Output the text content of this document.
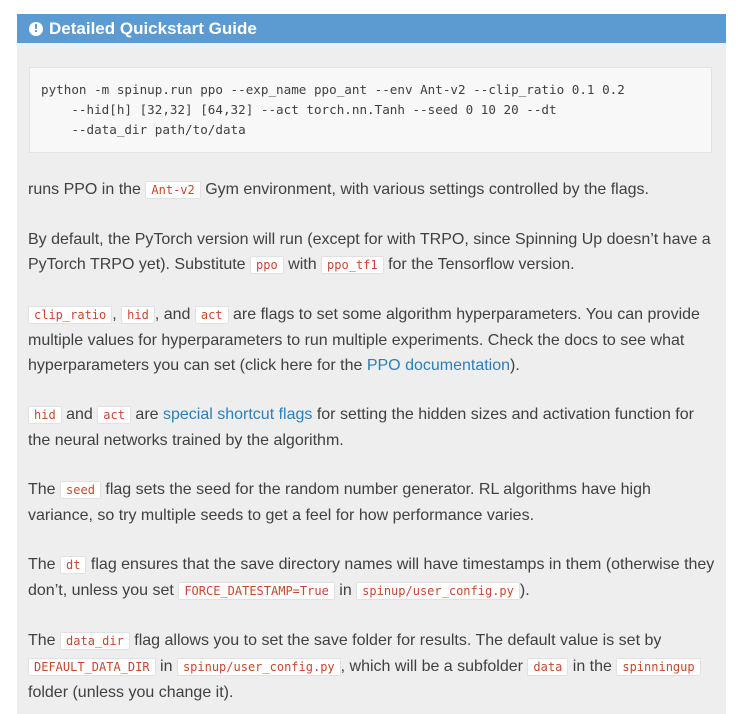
! Detailed Quickstart Guide
python -m spinup.run ppo --exp_name ppo_ant --env Ant-v2 --clip_ratio 0.1 0.2
--hid[h] [32,32] [64,32] --act torch.nn.Tanh --seed 0 10 20 --dt
--data_dir path/to/data

runs PPO in the Ant-v2 Gym environment, with various settings controlled by the flags.

By default, the PyTorch version will run (except for with TRPO, since Spinning Up doesn’t have a PyTorch TRPO yet). Substitute ppo with ppo_tf1 for the Tensorflow version.

clip_ratio , hid , and act are flags to set some algorithm hyperparameters. You can provide multiple values for hyperparameters to run multiple experiments. Check the docs to see what hyperparameters you can set (click here for the PPO documentation).

hid and act are special shortcut flags for setting the hidden sizes and activation function for the neural networks trained by the algorithm.

The seed flag sets the seed for the random number generator. RL algorithms have high variance, so try multiple seeds to get a feel for how performance varies.

The dt flag ensures that the save directory names will have timestamps in them (otherwise they don’t, unless you set FORCE_DATESTAMP=True in spinup/user_config.py ).

The data_dir flag allows you to set the save folder for results. The default value is set by DEFAULT_DATA_DIR in spinup/user_config.py , which will be a subfolder data in the spinningup folder (unless you change it).
